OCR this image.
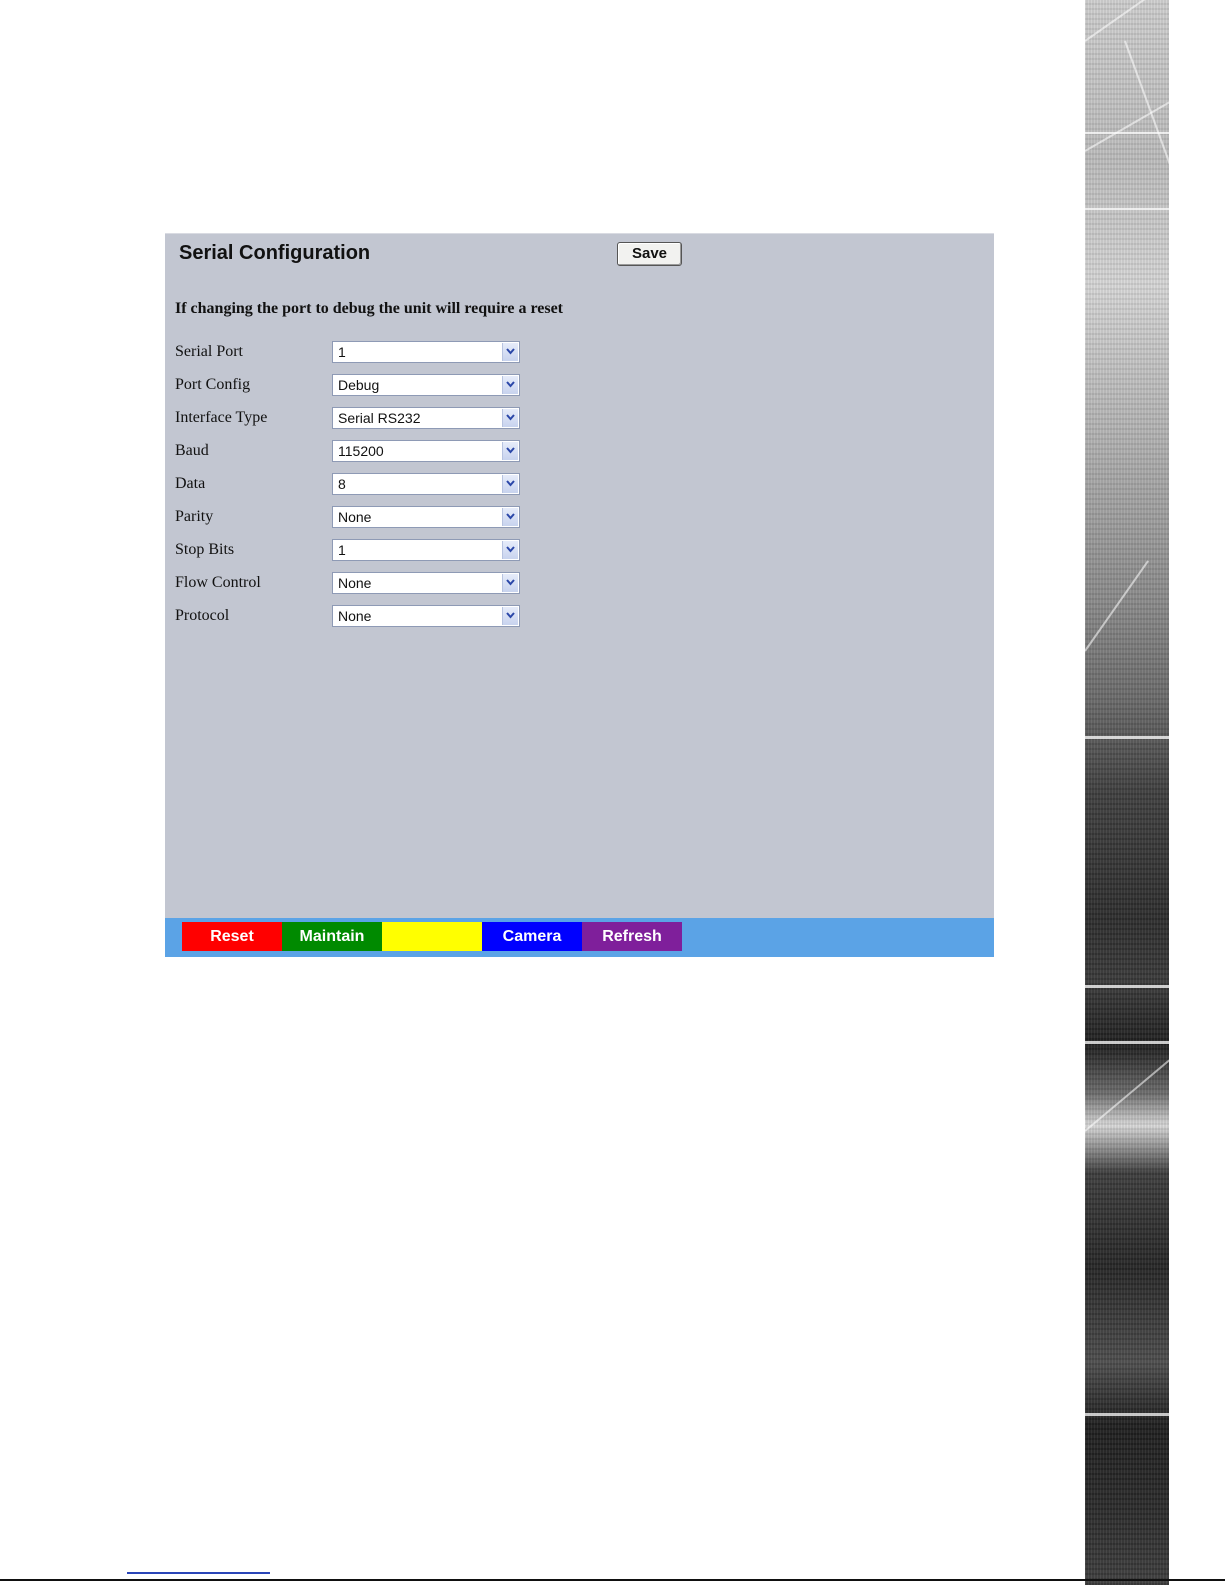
Serial Configuration	Save
If changing the port to debug the unit will require a reset
Serial Port	1
Port Config	Debug
Interface Type	Serial RS232
Baud	115200
Data	8
Parity	None
Stop Bits	1
Flow Control	None
Protocol	None
Reset	Maintain	Camera	Refresh
